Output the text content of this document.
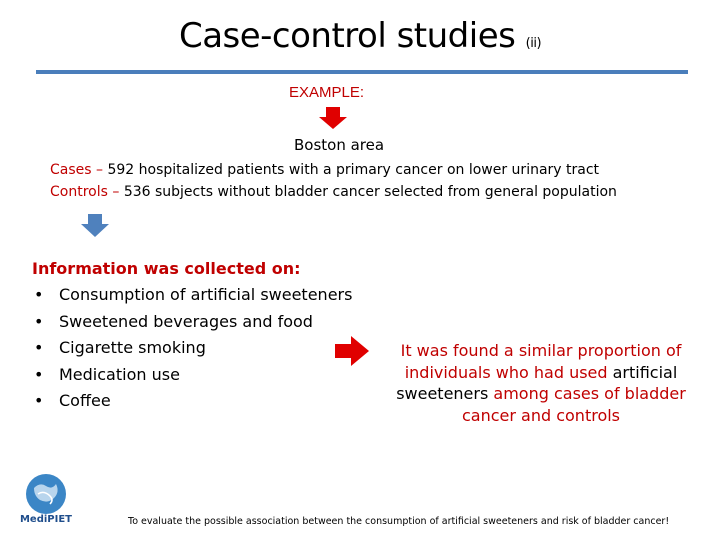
Case-control studies (ii)
EXAMPLE:
Boston area
Cases – 592 hospitalized patients with a primary cancer on lower urinary tract
Controls – 536 subjects without bladder cancer selected from general population
Information was collected on:
• Consumption of artificial sweeteners
• Sweetened beverages and food
• Cigarette smoking
• Medication use
• Coffee
It was found a similar proportion of individuals who had used artificial sweeteners among cases of bladder cancer and controls
MediPIET	To evaluate the possible association between the consumption of artificial sweeteners and risk of bladder cancer!
